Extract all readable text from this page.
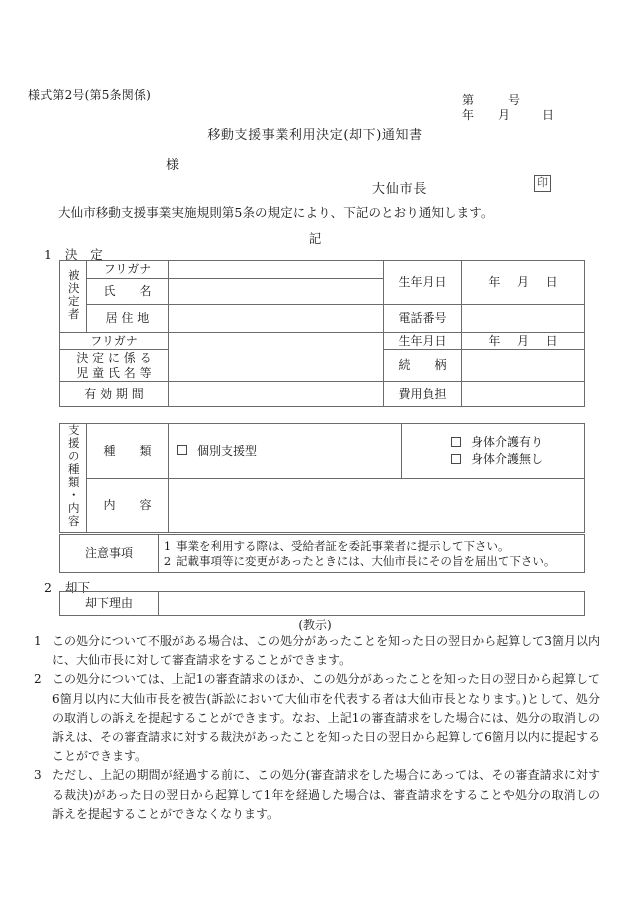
様式第2号(第5条関係)	第	号
年	月	日
移動支援事業利用決定(却下)通知書
様
大仙市長	印
大仙市移動支援事業実施規則第5条の規定により、下記のとおり通知します。
記
1　決　定
被決定者	フリガナ		生年月日	年 月 日

	氏　　名			
	居 住 地		電話番号	
フリガナ			生年月日	年 月 日

決 定 に 係 る
児 童 氏 名 等			続　　柄	
有 効 期 間			費用負担	
支援の種類・内容	種　　類	個別支援型	身体介護有り
身体介護無し

	内　　容		
注意事項	1 事業を利用する際は、受給者証を委託事業者に提示して下さい。
2 記載事項等に変更があったときには、大仙市長にその旨を届出て下さい。
2　却下
却下理由	
(教示)
1 この処分について不服がある場合は、この処分があったことを知った日の翌日から起算して3箇月以内に、大仙市長に対して審査請求をすることができます。
2 この処分については、上記1の審査請求のほか、この処分があったことを知った日の翌日から起算して6箇月以内に大仙市長を被告(訴訟において大仙市を代表する者は大仙市長となります。)として、処分の取消しの訴えを提起することができます。なお、上記1の審査請求をした場合には、処分の取消しの訴えは、その審査請求に対する裁決があったことを知った日の翌日から起算して6箇月以内に提起することができます。
3 ただし、上記の期間が経過する前に、この処分(審査請求をした場合にあっては、その審査請求に対する裁決)があった日の翌日から起算して1年を経過した場合は、審査請求をすることや処分の取消しの訴えを提起することができなくなります。
